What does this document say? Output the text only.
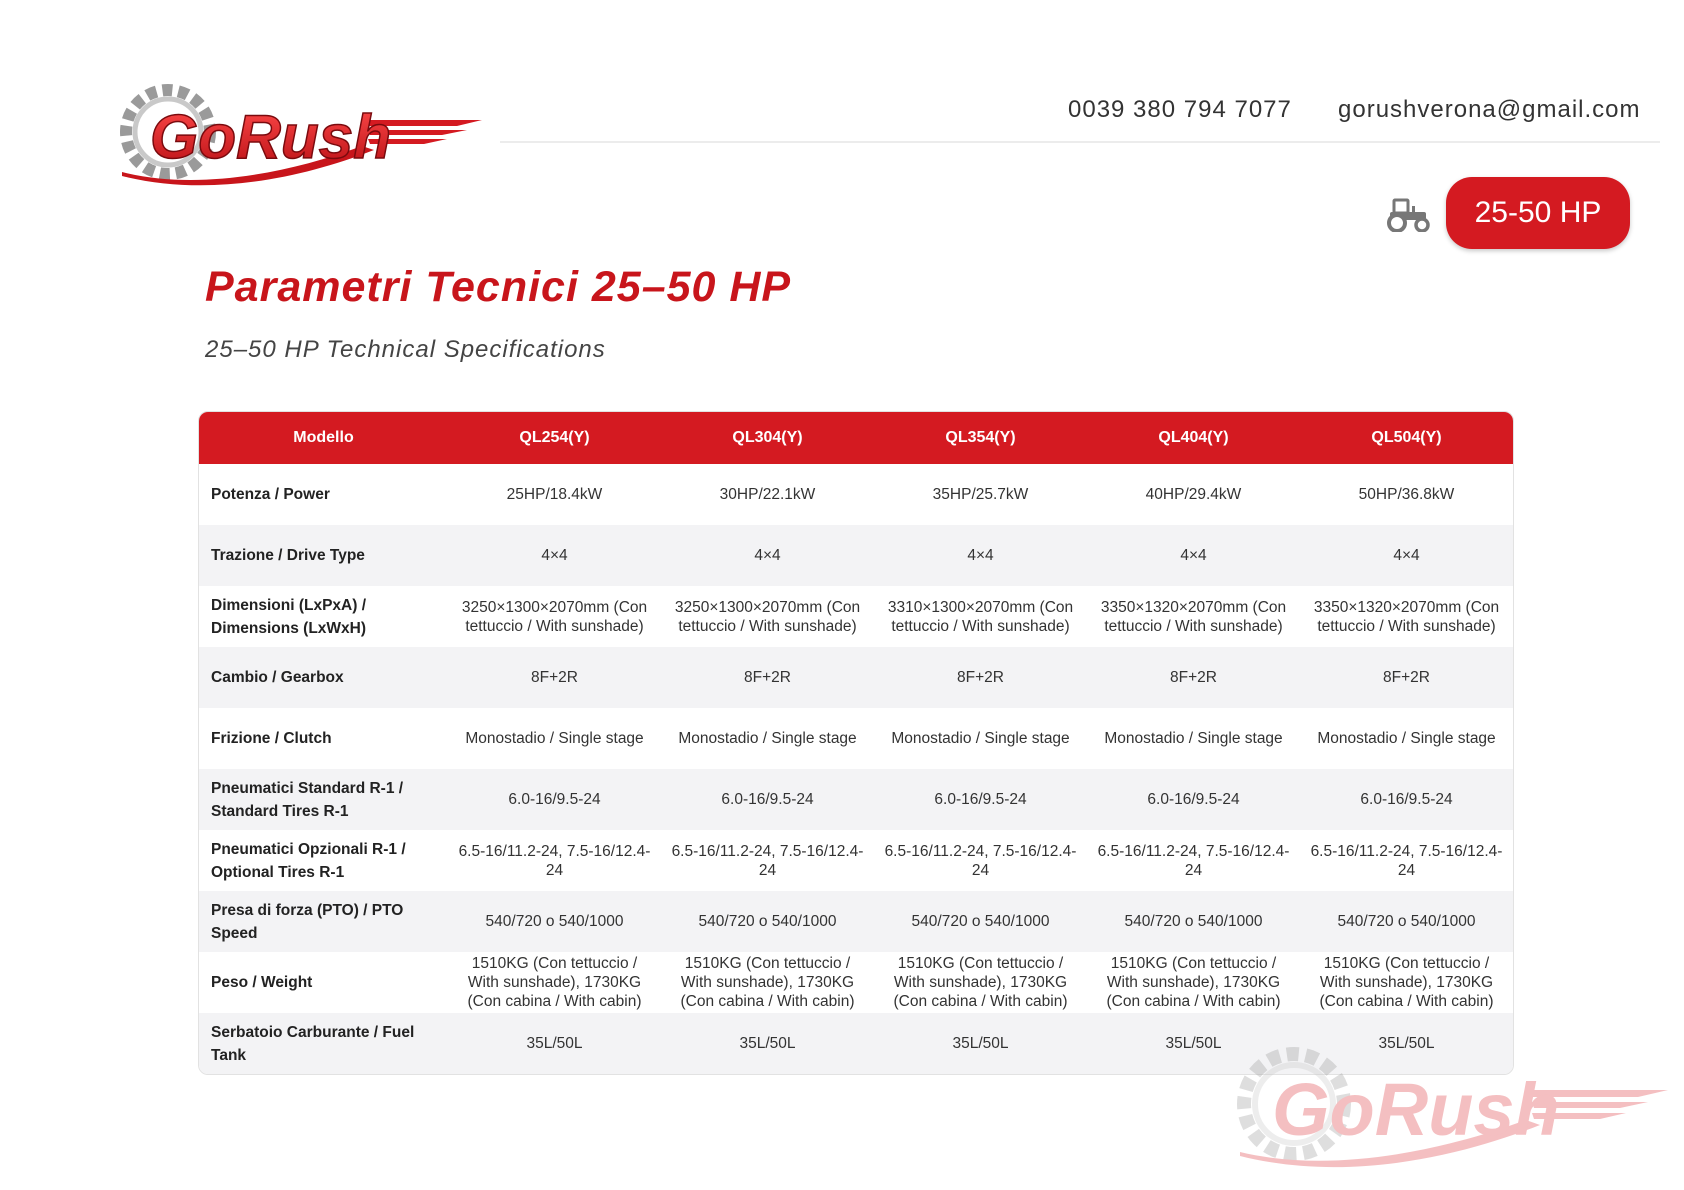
GoRush	0039 380 794 7077 gorushverona@gmail.com
25-50 HP
Parametri Tecnici 25–50 HP

25–50 HP Technical Specifications

Modello	QL254(Y)	QL304(Y)	QL354(Y)	QL404(Y)	QL504(Y)
Potenza / Power	25HP/18.4kW	30HP/22.1kW	35HP/25.7kW	40HP/29.4kW	50HP/36.8kW
Trazione / Drive Type	4×4	4×4	4×4	4×4	4×4
Dimensioni (LxPxA) / Dimensions (LxWxH)	3250×1300×2070mm (Con tettuccio / With sunshade)	3250×1300×2070mm (Con tettuccio / With sunshade)	3310×1300×2070mm (Con tettuccio / With sunshade)	3350×1320×2070mm (Con tettuccio / With sunshade)	3350×1320×2070mm (Con tettuccio / With sunshade)
Cambio / Gearbox	8F+2R	8F+2R	8F+2R	8F+2R	8F+2R
Frizione / Clutch	Monostadio / Single stage	Monostadio / Single stage	Monostadio / Single stage	Monostadio / Single stage	Monostadio / Single stage
Pneumatici Standard R-1 / Standard Tires R-1	6.0-16/9.5-24	6.0-16/9.5-24	6.0-16/9.5-24	6.0-16/9.5-24	6.0-16/9.5-24
Pneumatici Opzionali R-1 / Optional Tires R-1	6.5-16/11.2-24, 7.5-16/12.4-24	6.5-16/11.2-24, 7.5-16/12.4-24	6.5-16/11.2-24, 7.5-16/12.4-24	6.5-16/11.2-24, 7.5-16/12.4-24	6.5-16/11.2-24, 7.5-16/12.4-24
Presa di forza (PTO) / PTO Speed	540/720 o 540/1000	540/720 o 540/1000	540/720 o 540/1000	540/720 o 540/1000	540/720 o 540/1000
Peso / Weight	1510KG (Con tettuccio / With sunshade), 1730KG (Con cabina / With cabin)	1510KG (Con tettuccio / With sunshade), 1730KG (Con cabina / With cabin)	1510KG (Con tettuccio / With sunshade), 1730KG (Con cabina / With cabin)	1510KG (Con tettuccio / With sunshade), 1730KG (Con cabina / With cabin)	1510KG (Con tettuccio / With sunshade), 1730KG (Con cabina / With cabin)
Serbatoio Carburante / Fuel Tank	35L/50L	35L/50L	35L/50L	35L/50L	35L/50L
GoRush
